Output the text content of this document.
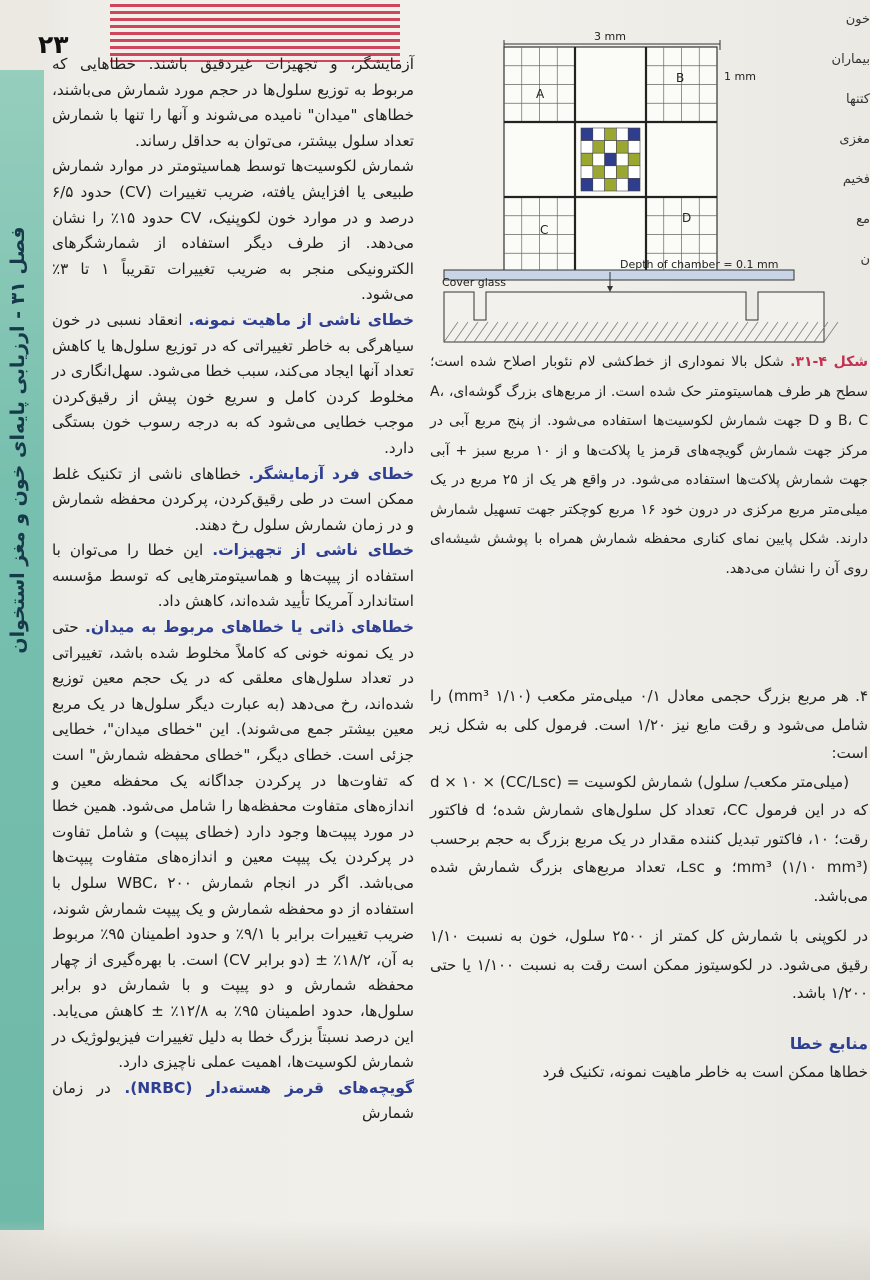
فصل ۳۱ - ارزیابی پایه‌ای خون و مغز استخوان
۲۳
خون
بیماران
کتنها
مغزی
فخیم
مع
ن

آزمایشگر، و تجهیزات غیردقیق باشند. خطاهایی که مربوط به توزیع سلول‌ها در حجم مورد شمارش می‌باشند، خطاهای "میدان" نامیده می‌شوند و آنها را تنها با شمارش تعداد سلول بیشتر، می‌توان به حداقل رساند.

شمارش لکوسیت‌ها توسط هماسیتومتر در موارد شمارش طبیعی یا افزایش یافته، ضریب تغییرات (CV) حدود ۶/۵ درصد و در موارد خون لکوپنیک، CV حدود ۱۵٪ را نشان می‌دهد. از طرف دیگر استفاده از شمارشگرهای الکترونیکی منجر به ضریب تغییرات تقریباً ۱ تا ۳٪ می‌شود.

خطای ناشی از ماهیت نمونه. انعقاد نسبی در خون سیاهرگی به خاطر تغییراتی که در توزیع سلول‌ها یا کاهش تعداد آنها ایجاد می‌کند، سبب خطا می‌شود. سهل‌انگاری در مخلوط کردن کامل و سریع خون پیش از رقیق‌کردن موجب خطایی می‌شود که به درجه رسوب خون بستگی دارد.

خطای فرد آزمایشگر. خطاهای ناشی از تکنیک غلط ممکن است در طی رقیق‌کردن، پرکردن محفظه شمارش و در زمان شمارش سلول رخ دهند.

خطای ناشی از تجهیزات. این خطا را می‌توان با استفاده از پیپت‌ها و هماسیتومترهایی که توسط مؤسسه استاندارد آمریکا تأیید شده‌اند، کاهش داد.

خطاهای ذاتی یا خطاهای مربوط به میدان. حتی در یک نمونه خونی که کاملاً مخلوط شده باشد، تغییراتی در تعداد سلول‌های معلقی که در یک حجم معین توزیع شده‌اند، رخ می‌دهد (به عبارت دیگر سلول‌ها در یک مربع معین بیشتر جمع می‌شوند). این "خطای میدان"، خطایی جزئی است. خطای دیگر، "خطای محفظه شمارش" است که تفاوت‌ها در پرکردن جداگانه یک محفظه معین و اندازه‌های متفاوت محفظه‌ها را شامل می‌شود. همین خطا در مورد پیپت‌ها وجود دارد (خطای پیپت) و شامل تفاوت در پرکردن یک پیپت معین و اندازه‌های متفاوت پیپت‌ها می‌باشد. اگر در انجام شمارش WBC، ۲۰۰ سلول با استفاده از دو محفظه شمارش و یک پیپت شمارش شوند، ضریب تغییرات برابر با ۹/۱٪ و حدود اطمینان ۹۵٪ مربوط به آن، ۱۸/۲٪ ± (دو برابر CV) است. با بهره‌گیری از چهار محفظه شمارش و دو پیپت و با شمارش دو برابر سلول‌ها، حدود اطمینان ۹۵٪ به ۱۲/۸٪ ± کاهش می‌یابد. این درصد نسبتاً بزرگ خطا به دلیل تغییرات فیزیولوژیک در شمارش لکوسیت‌ها، اهمیت عملی ناچیزی دارد.

گویچه‌های قرمز هسته‌دار (NRBC). در زمان شمارش

3 mm
1 mm
A
B
C
D
Depth of chamber = 0.1 mm
Cover glass
شکل ۴-۳۱. شکل بالا نموداری از خط‌کشی لام نئوبار اصلاح شده است؛ سطح هر طرف هماسیتومتر حک شده است. از مربع‌های بزرگ گوشه‌ای، A، B، C و D جهت شمارش لکوسیت‌ها استفاده می‌شود. از پنج مربع آبی در مرکز جهت شمارش گویچه‌های قرمز یا پلاکت‌ها و از ۱۰ مربع سبز + آبی جهت شمارش پلاکت‌ها استفاده می‌شود. در واقع هر یک از ۲۵ مربع در یک میلی‌متر مربع مرکزی در درون خود ۱۶ مربع کوچکتر جهت تسهیل شمارش دارند. شکل پایین نمای کناری محفظه شمارش همراه با پوشش شیشه‌ای روی آن را نشان می‌دهد.

۴. هر مربع بزرگ حجمی معادل ۰/۱ میلی‌متر مکعب (۱/۱۰ mm³) را شامل می‌شود و رقت مایع نیز ۱/۲۰ است. فرمول کلی به شکل زیر است:

(میلی‌متر مکعب/ سلول) شمارش لکوسیت = (CC/Lsc) × d × ۱۰

که در این فرمول CC، تعداد کل سلول‌های شمارش شده؛ d فاکتور رقت؛ ۱۰، فاکتور تبدیل کننده مقدار در یک مربع بزرگ به حجم برحسب mm³ (۱/۱۰ mm³)؛ و Lsc، تعداد مربع‌های بزرگ شمارش شده می‌باشد.

در لکوپنی با شمارش کل کمتر از ۲۵۰۰ سلول، خون به نسبت ۱/۱۰ رقیق می‌شود. در لکوسیتوز ممکن است رقت به نسبت ۱/۱۰۰ یا حتی ۱/۲۰۰ باشد.

منابع خطا

خطاها ممکن است به خاطر ماهیت نمونه، تکنیک فرد
